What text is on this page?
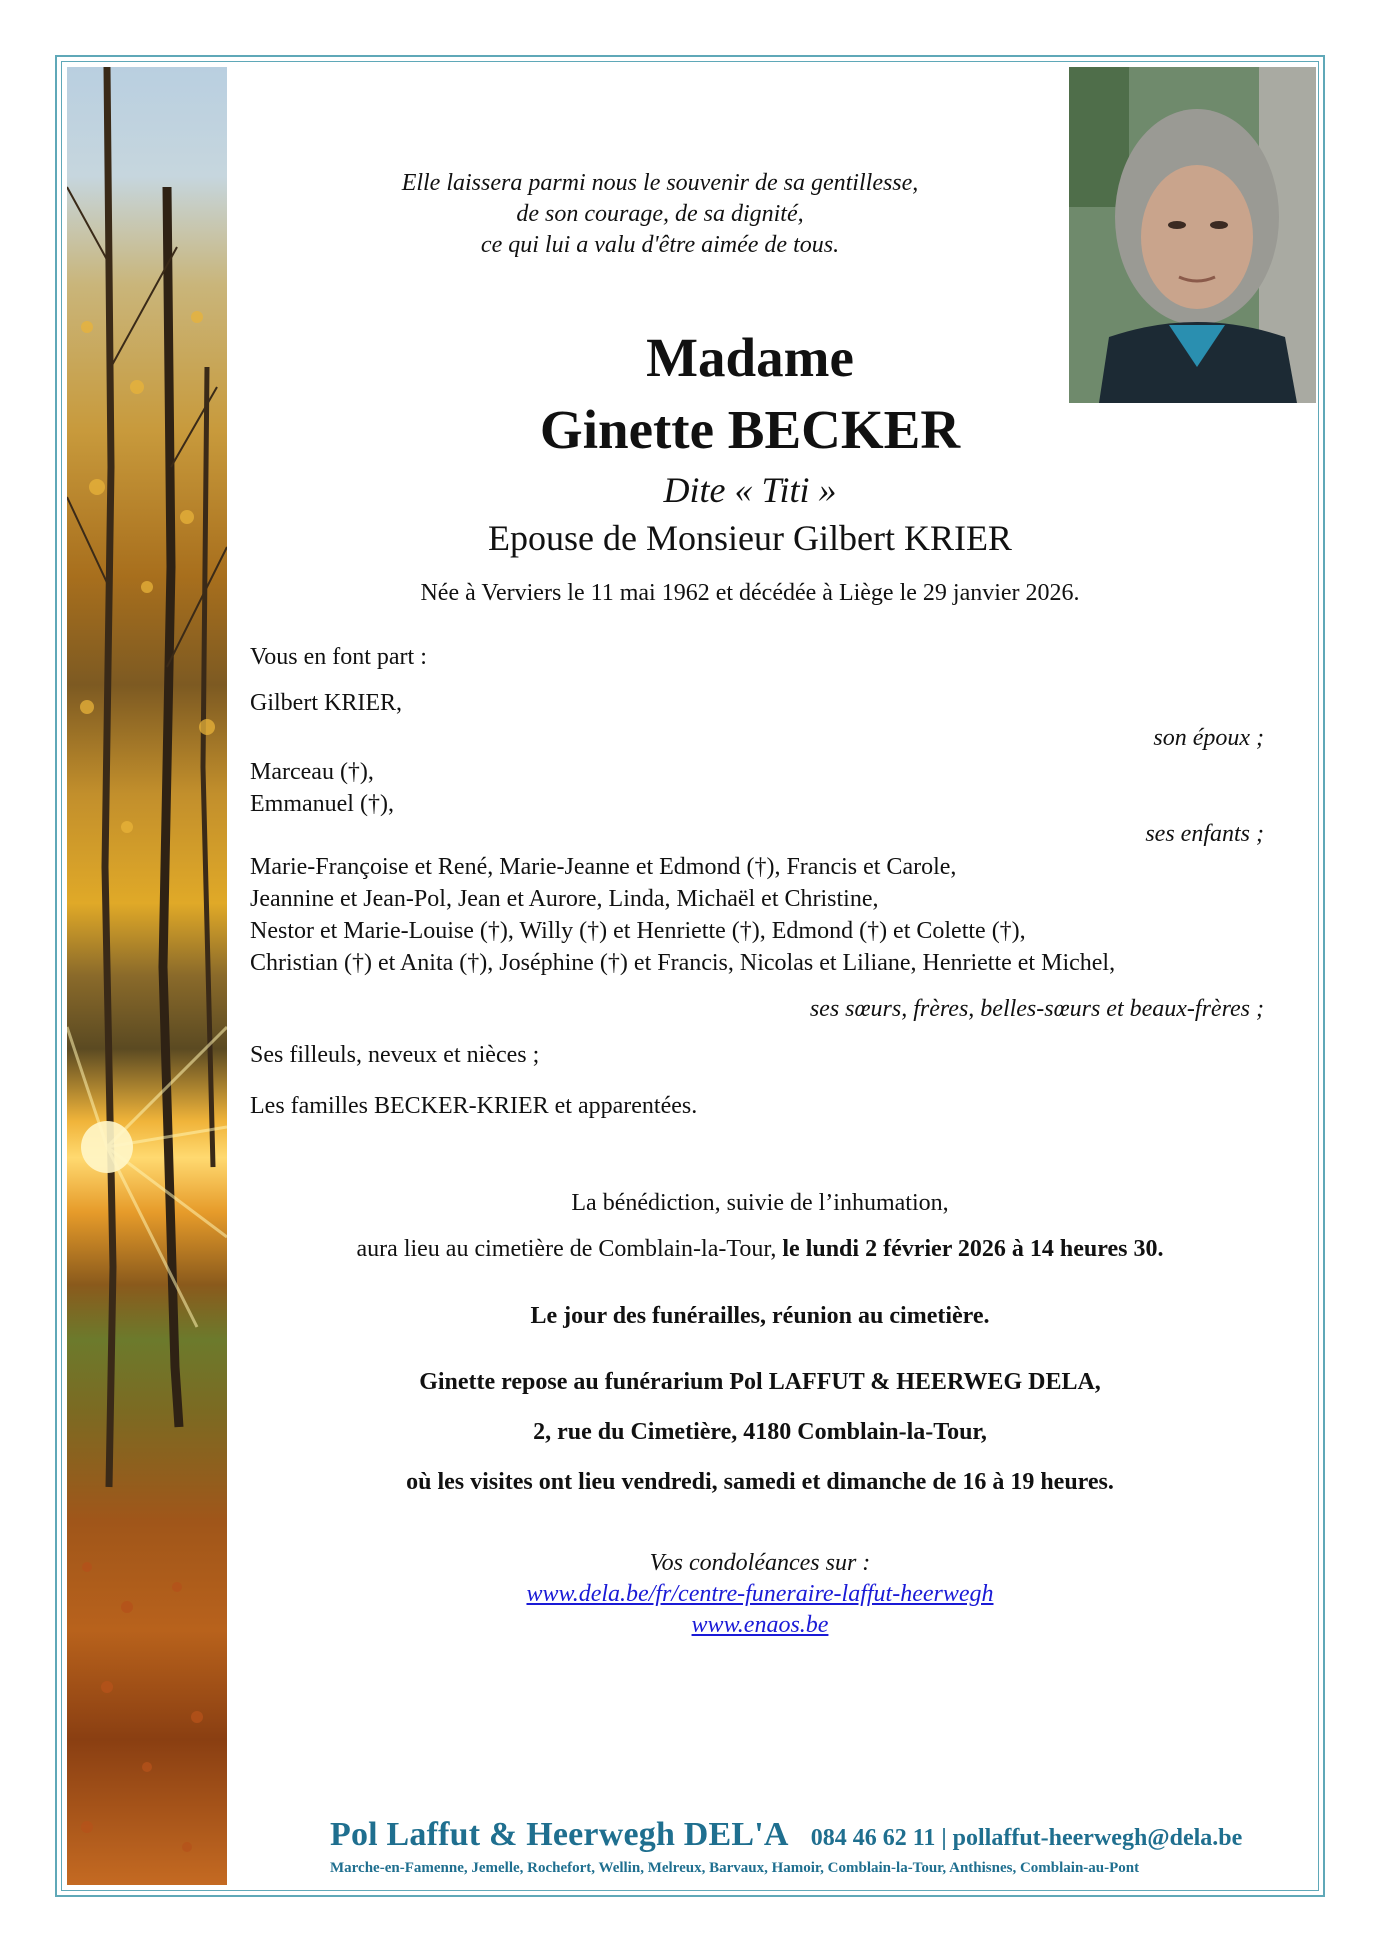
Elle laissera parmi nous le souvenir de sa gentillesse,
de son courage, de sa dignité,
ce qui lui a valu d'être aimée de tous.
Madame
Ginette BECKER
Dite « Titi »
Epouse de Monsieur Gilbert KRIER
Née à Verviers le 11 mai 1962 et décédée à Liège le 29 janvier 2026.
Vous en font part :
Gilbert KRIER,
son époux ;
Marceau (†),
Emmanuel (†),
ses enfants ;
Marie-Françoise et René, Marie-Jeanne et Edmond (†), Francis et Carole,
Jeannine et Jean-Pol, Jean et Aurore, Linda, Michaël et Christine,
Nestor et Marie-Louise (†), Willy (†) et Henriette (†), Edmond (†) et Colette (†),
Christian (†) et Anita (†), Joséphine (†) et Francis, Nicolas et Liliane, Henriette et Michel,
ses sœurs, frères, belles-sœurs et beaux-frères ;
Ses filleuls, neveux et nièces ;
Les familles BECKER-KRIER et apparentées.
La bénédiction, suivie de l’inhumation,
aura lieu au cimetière de Comblain-la-Tour, le lundi 2 février 2026 à 14 heures 30.
Le jour des funérailles, réunion au cimetière.
Ginette repose au funérarium Pol LAFFUT & HEERWEG DELA,
2, rue du Cimetière, 4180 Comblain-la-Tour,
où les visites ont lieu vendredi, samedi et dimanche de 16 à 19 heures.
Vos condoléances sur :
www.dela.be/fr/centre-funeraire-laffut-heerwegh
www.enaos.be
Pol Laffut & Heerwegh DEL'A 084 46 62 11 | pollaffut-heerwegh@dela.be
Marche-en-Famenne, Jemelle, Rochefort, Wellin, Melreux, Barvaux, Hamoir, Comblain-la-Tour, Anthisnes, Comblain-au-Pont
